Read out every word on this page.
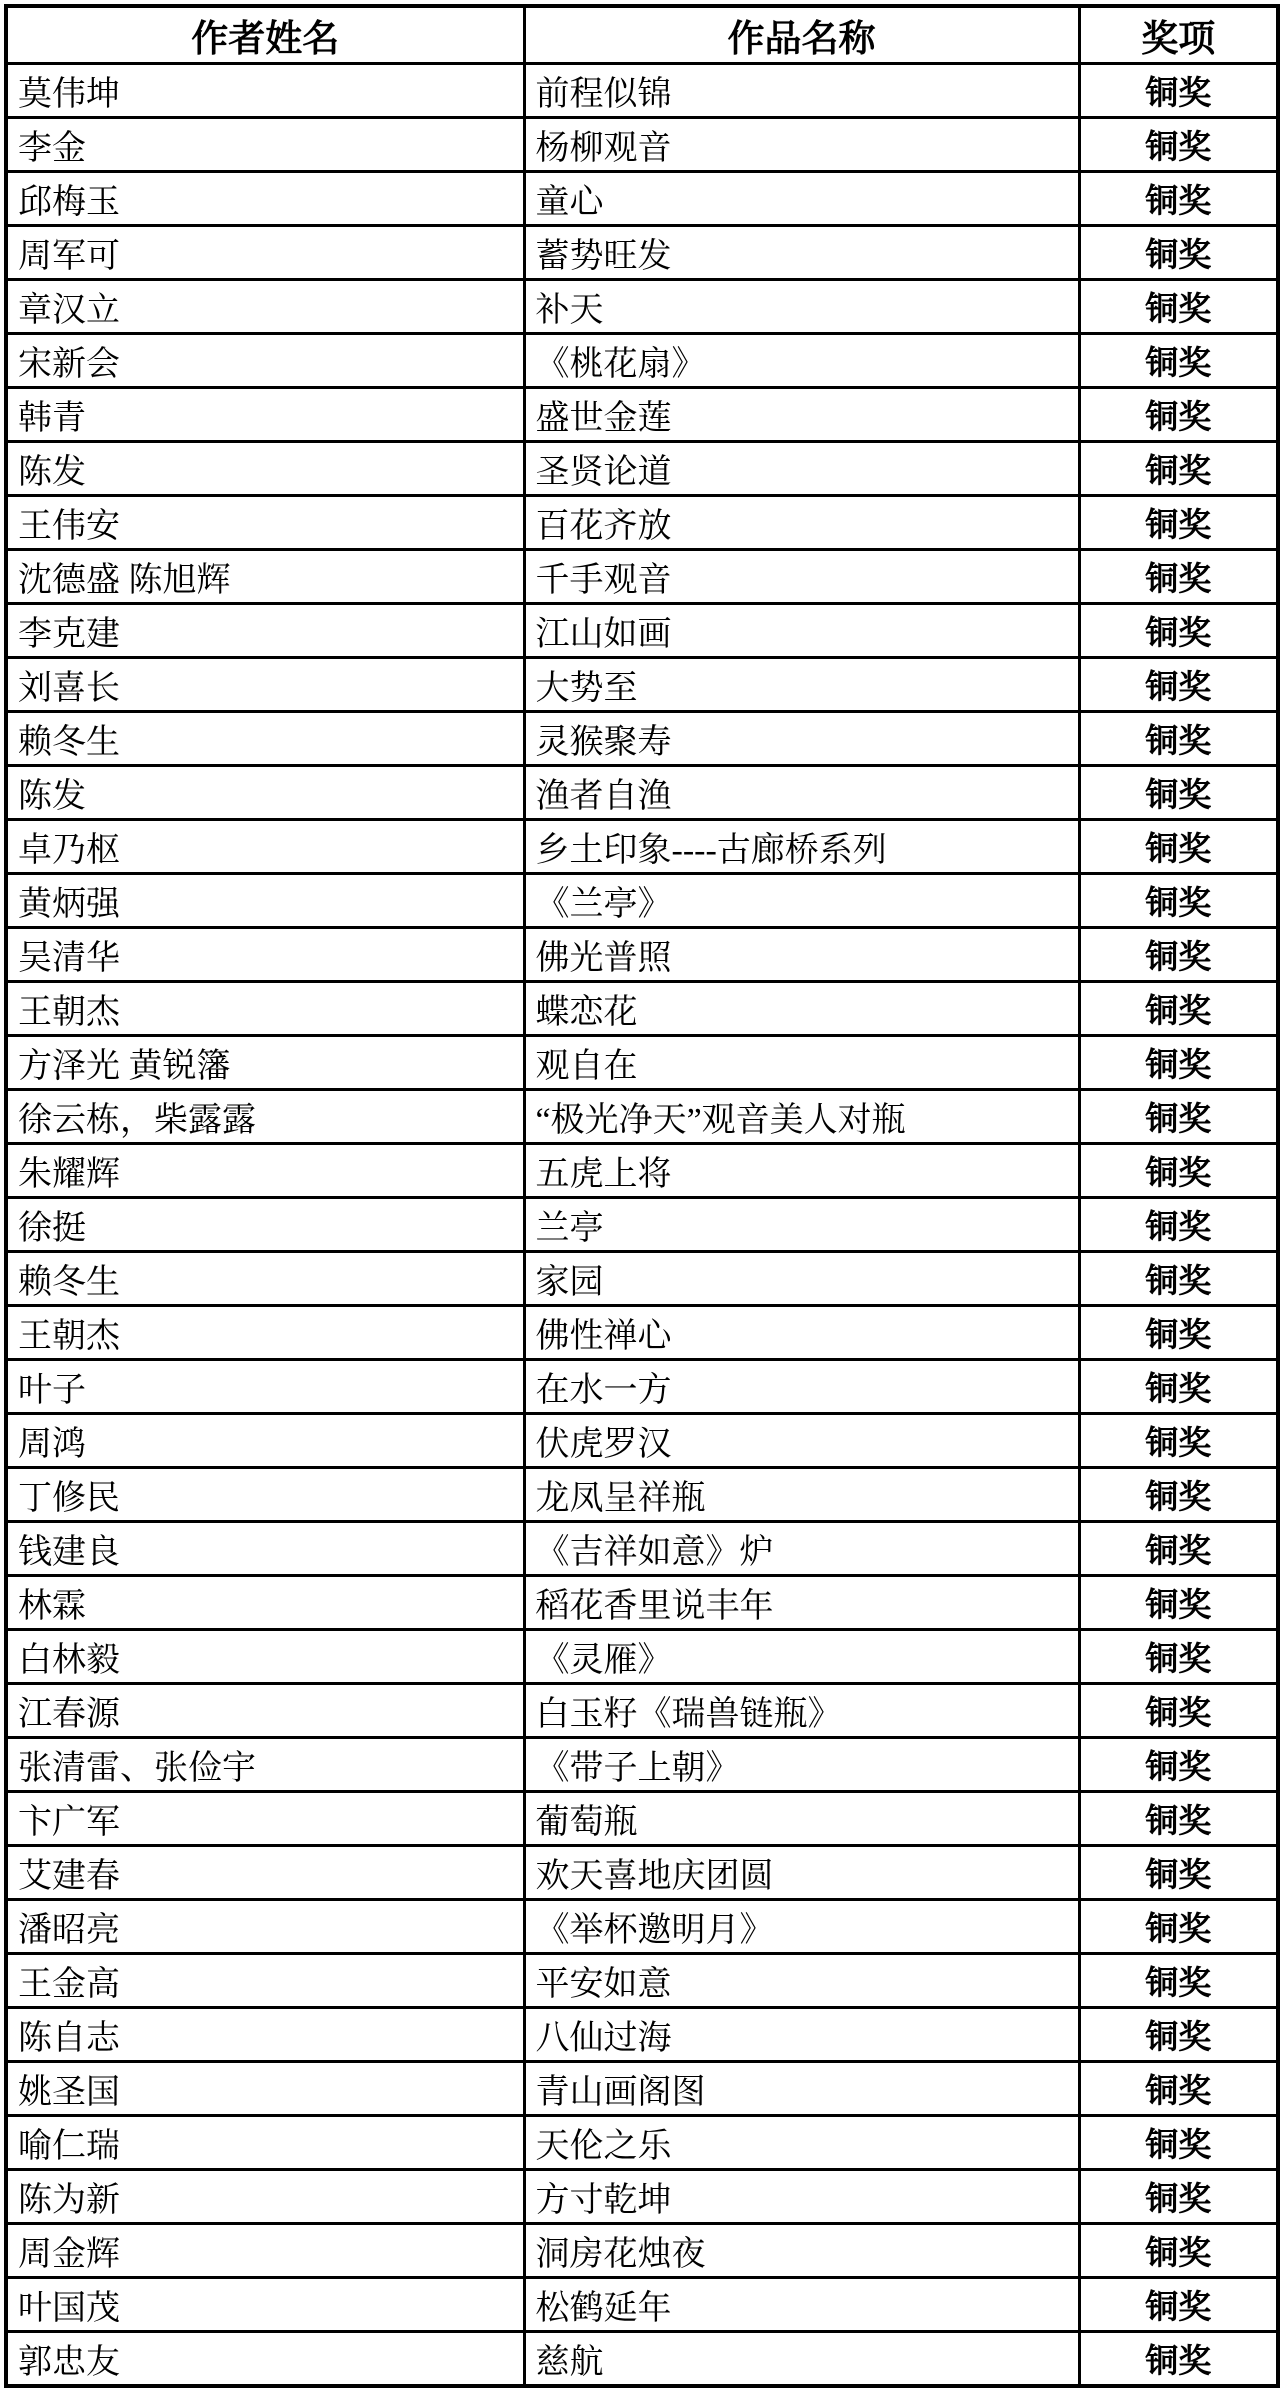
作者姓名	作品名称	奖项
莫伟坤	前程似锦	铜奖
李金	杨柳观音	铜奖
邱梅玉	童心	铜奖
周军可	蓄势旺发	铜奖
章汉立	补天	铜奖
宋新会	《桃花扇》	铜奖
韩青	盛世金莲	铜奖
陈发	圣贤论道	铜奖
王伟安	百花齐放	铜奖
沈德盛 陈旭辉	千手观音	铜奖
李克建	江山如画	铜奖
刘喜长	大势至	铜奖
赖冬生	灵猴聚寿	铜奖
陈发	渔者自渔	铜奖
卓乃枢	乡土印象----古廊桥系列	铜奖
黄炳强	《兰亭》	铜奖
吴清华	佛光普照	铜奖
王朝杰	蝶恋花	铜奖
方泽光 黄锐籓	观自在	铜奖
徐云栋，柴露露	“极光净天”观音美人对瓶	铜奖
朱耀辉	五虎上将	铜奖
徐挺	兰亭	铜奖
赖冬生	家园	铜奖
王朝杰	佛性禅心	铜奖
叶子	在水一方	铜奖
周鸿	伏虎罗汉	铜奖
丁修民	龙凤呈祥瓶	铜奖
钱建良	《吉祥如意》炉	铜奖
林霖	稻花香里说丰年	铜奖
白林毅	《灵雁》	铜奖
江春源	白玉籽《瑞兽链瓶》	铜奖
张清雷、张俭宇	《带子上朝》	铜奖
卞广军	葡萄瓶	铜奖
艾建春	欢天喜地庆团圆	铜奖
潘昭亮	《举杯邀明月》	铜奖
王金高	平安如意	铜奖
陈自志	八仙过海	铜奖
姚圣国	青山画阁图	铜奖
喻仁瑞	天伦之乐	铜奖
陈为新	方寸乾坤	铜奖
周金辉	洞房花烛夜	铜奖
叶国茂	松鹤延年	铜奖
郭忠友	慈航	铜奖
